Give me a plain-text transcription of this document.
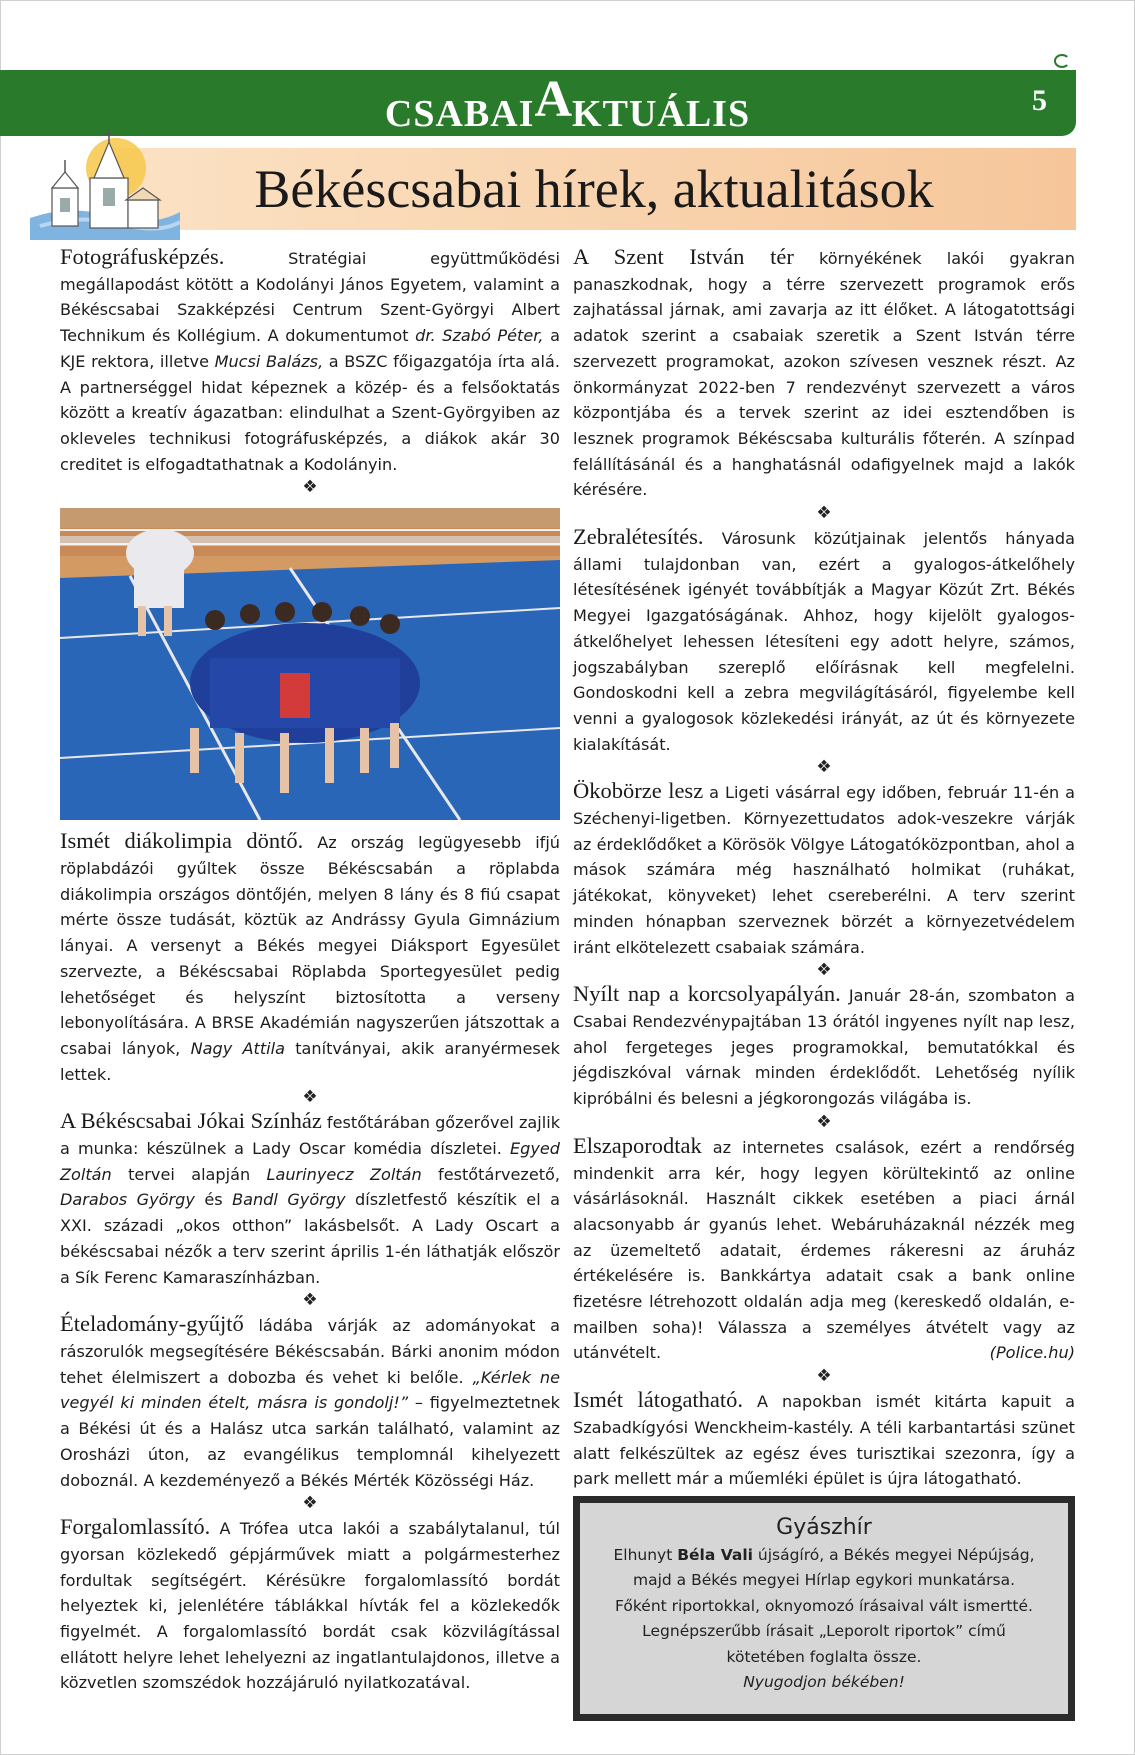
CSABAIAKTUÁLIS	5
Békéscsabai hírek, aktualitások

Fotográfusképzés. Stratégiai együttműködési megállapodást kötött a Kodolányi János Egyetem, valamint a Békéscsabai Szakképzési Centrum Szent-Györgyi Albert Technikum és Kollégium. A dokumentumot dr. Szabó Péter, a KJE rektora, illetve Mucsi Balázs, a BSZC főigazgatója írta alá. A partnerséggel hidat képeznek a közép- és a felsőoktatás között a kreatív ágazatban: elindulhat a Szent-Györgyiben az okleveles technikusi fotográfusképzés, a diákok akár 30 creditet is elfogadtathatnak a Kodolányin.

❖

Ismét diákolimpia döntő. Az ország legügyesebb ifjú röplabdázói gyűltek össze Békéscsabán a röplabda diákolimpia országos döntőjén, melyen 8 lány és 8 fiú csapat mérte össze tudását, köztük az Andrássy Gyula Gimnázium lányai. A versenyt a Békés megyei Diáksport Egyesület szervezte, a Békéscsabai Röplabda Sportegyesület pedig lehetőséget és helyszínt biztosította a verseny lebonyolítására. A BRSE Akadémián nagyszerűen játszottak a csabai lányok, Nagy Attila tanítványai, akik aranyérmesek lettek.

❖

A Békéscsabai Jókai Színház festőtárában gőzerővel zajlik a munka: készülnek a Lady Oscar komédia díszletei. Egyed Zoltán tervei alapján Laurinyecz Zoltán festőtárvezető, Darabos György és Bandl György díszletfestő készítik el a XXI. századi „okos otthon” lakásbelsőt. A Lady Oscart a békéscsabai nézők a terv szerint április 1-én láthatják először a Sík Ferenc Kamaraszínházban.

❖

Ételadomány-gyűjtő ládába várják az adományokat a rászorulók megsegítésére Békéscsabán. Bárki anonim módon tehet élelmiszert a dobozba és vehet ki belőle. „Kérlek ne vegyél ki minden ételt, másra is gondolj!” – figyelmeztetnek a Békési út és a Halász utca sarkán található, valamint az Orosházi úton, az evangélikus templomnál kihelyezett doboznál. A kezdeményező a Békés Mérték Közösségi Ház.

❖

Forgalomlassító. A Trófea utca lakói a szabálytalanul, túl gyorsan közlekedő gépjárművek miatt a polgármesterhez fordultak segítségért. Kérésükre forgalomlassító bordát helyeztek ki, jelenlétére táblákkal hívták fel a közlekedők figyelmét. A forgalomlassító bordát csak közvilágítással ellátott helyre lehet lehelyezni az ingatlantulajdonos, illetve a közvetlen szomszédok hozzájáruló nyilatkozatával.

A Szent István tér környékének lakói gyakran panaszkodnak, hogy a térre szervezett programok erős zajhatással járnak, ami zavarja az itt élőket. A látogatottsági adatok szerint a csabaiak szeretik a Szent István térre szervezett programokat, azokon szívesen vesznek részt. Az önkormányzat 2022-ben 7 rendezvényt szervezett a város központjába és a tervek szerint az idei esztendőben is lesznek programok Békéscsaba kulturális főterén. A színpad felállításánál és a hanghatásnál odafigyelnek majd a lakók kérésére.

❖

Zebralétesítés. Városunk közútjainak jelentős hányada állami tulajdonban van, ezért a gyalogos-átkelőhely létesítésének igényét továbbítják a Magyar Közút Zrt. Békés Megyei Igazgatóságának. Ahhoz, hogy kijelölt gyalogos-átkelőhelyet lehessen létesíteni egy adott helyre, számos, jogszabályban szereplő előírásnak kell megfelelni. Gondoskodni kell a zebra megvilágításáról, figyelembe kell venni a gyalogosok közlekedési irányát, az út és környezete kialakítását.

❖

Ökobörze lesz a Ligeti vásárral egy időben, február 11-én a Széchenyi-ligetben. Környezettudatos adok-veszekre várják az érdeklődőket a Körösök Völgye Látogatóközpontban, ahol a mások számára még használható holmikat (ruhákat, játékokat, könyveket) lehet csereberélni. A terv szerint minden hónapban szerveznek börzét a környezetvédelem iránt elkötelezett csabaiak számára.

❖

Nyílt nap a korcsolyapályán. Január 28-án, szombaton a Csabai Rendezvénypajtában 13 órától ingyenes nyílt nap lesz, ahol fergeteges jeges programokkal, bemutatókkal és jégdiszkóval várnak minden érdeklődőt. Lehetőség nyílik kipróbálni és belesni a jégkorongozás világába is.

❖

Elszaporodtak az internetes csalások, ezért a rendőrség mindenkit arra kér, hogy legyen körültekintő az online vásárlásoknál. Használt cikkek esetében a piaci árnál alacsonyabb ár gyanús lehet. Webáruházaknál nézzék meg az üzemeltető adatait, érdemes rákeresni az áruház értékelésére is. Bankkártya adatait csak a bank online fizetésre létrehozott oldalán adja meg (kereskedő oldalán, e-mailben soha)! Válassza a személyes átvételt vagy az utánvételt.	(Police.hu)

❖

Ismét látogatható. A napokban ismét kitárta kapuit a Szabadkígyósi Wenckheim-kastély. A téli karbantartási szünet alatt felkészültek az egész éves turisztikai szezonra, így a park mellett már a műemléki épület is újra látogatható.

Gyászhír
Elhunyt Béla Vali újságíró, a Békés megyei Népújság,
majd a Békés megyei Hírlap egykori munkatársa.
Főként riportokkal, oknyomozó írásaival vált ismertté.
Legnépszerűbb írásait „Leporolt riportok” című
kötetében foglalta össze.
Nyugodjon békében!
